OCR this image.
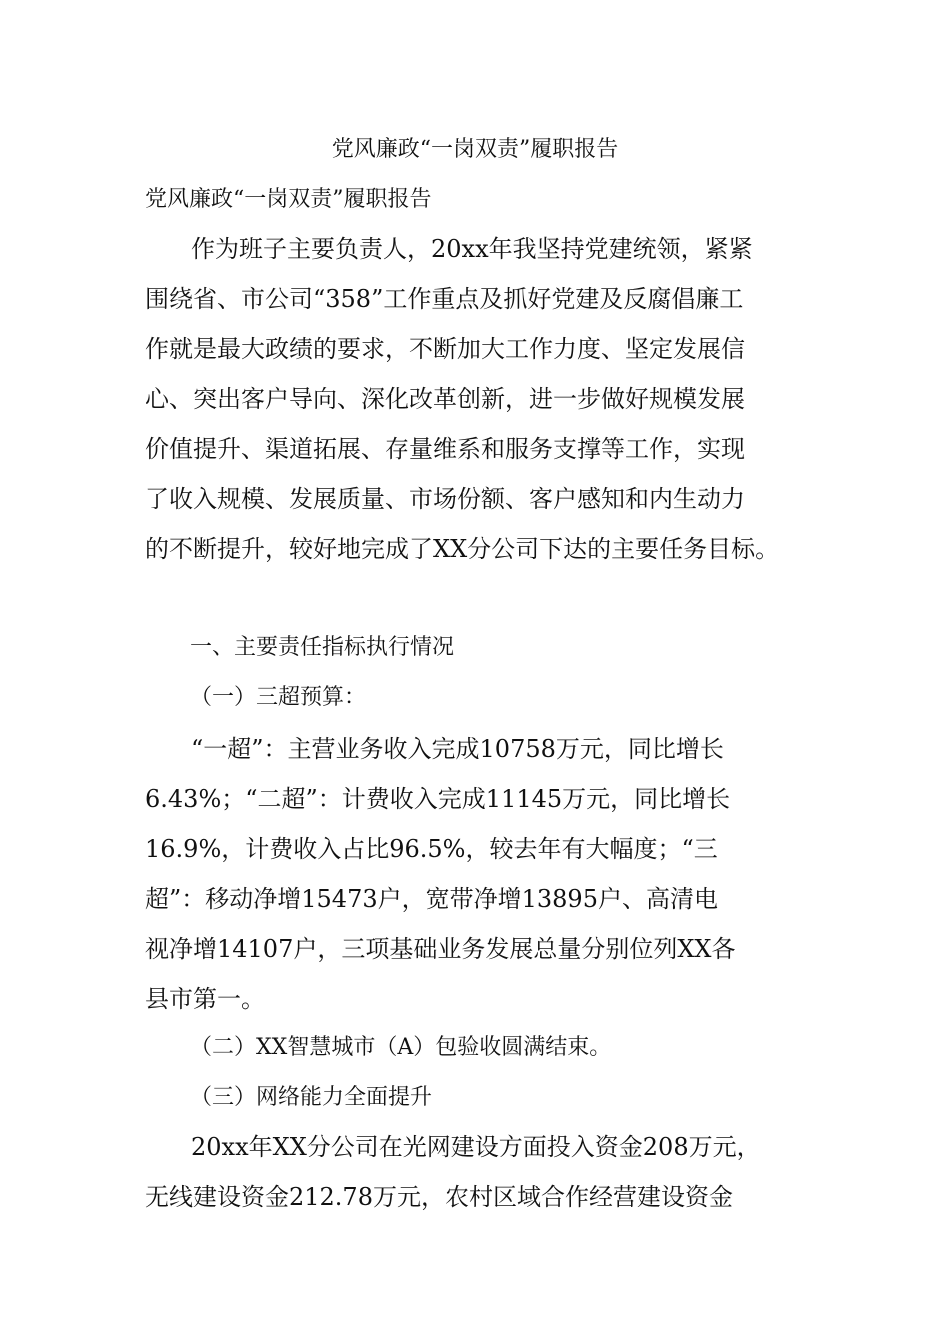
党风廉政“一岗双责”履职报告
党风廉政“一岗双责”履职报告
作为班子主要负责人，20xx年我坚持党建统领，紧紧
围绕省、市公司“358”工作重点及抓好党建及反腐倡廉工
作就是最大政绩的要求，不断加大工作力度、坚定发展信
心、突出客户导向、深化改革创新，进一步做好规模发展
价值提升、渠道拓展、存量维系和服务支撑等工作，实现
了收入规模、发展质量、市场份额、客户感知和内生动力
的不断提升，较好地完成了XX分公司下达的主要任务目标。
一、主要责任指标执行情况
（一）三超预算：
“一超”：主营业务收入完成10758万元，同比增长
6.43%；“二超”：计费收入完成11145万元，同比增长
16.9%，计费收入占比96.5%，较去年有大幅度；“三
超”：移动净增15473户，宽带净增13895户、高清电
视净增14107户，三项基础业务发展总量分别位列XX各
县市第一。
（二）XX智慧城市（A）包验收圆满结束。
（三）网络能力全面提升
20xx年XX分公司在光网建设方面投入资金208万元，
无线建设资金212.78万元，农村区域合作经营建设资金
